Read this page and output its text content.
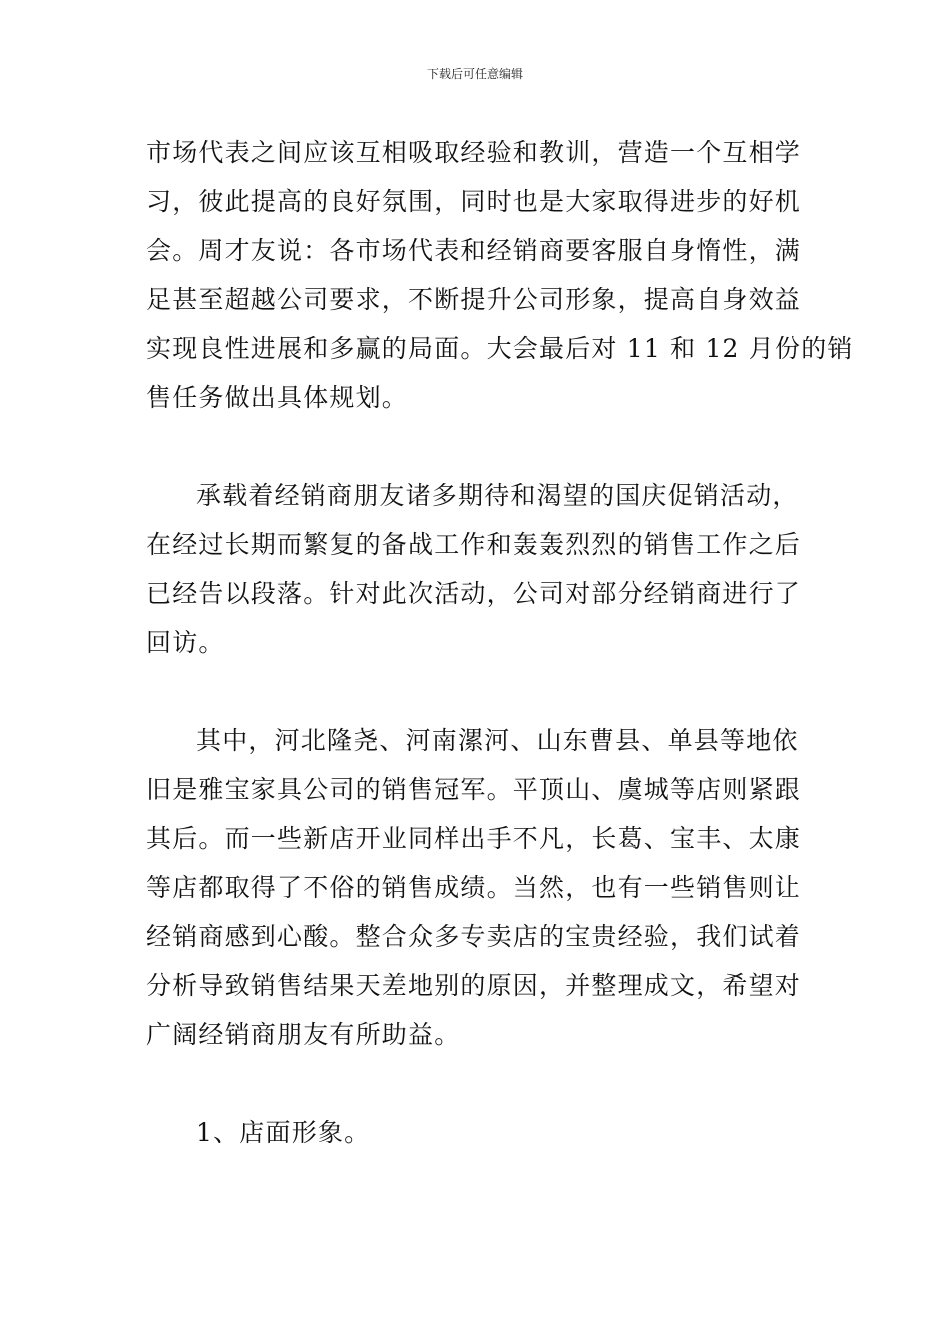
下载后可任意编辑
市场代表之间应该互相吸取经验和教训，营造一个互相学
习，彼此提高的良好氛围，同时也是大家取得进步的好机
会。周才友说：各市场代表和经销商要客服自身惰性，满
足甚至超越公司要求，不断提升公司形象，提高自身效益
实现良性进展和多赢的局面。大会最后对 11 和 12 月份的销
售任务做出具体规划。
承载着经销商朋友诸多期待和渴望的国庆促销活动，
在经过长期而繁复的备战工作和轰轰烈烈的销售工作之后
已经告以段落。针对此次活动，公司对部分经销商进行了
回访。
其中，河北隆尧、河南漯河、山东曹县、单县等地依
旧是雅宝家具公司的销售冠军。平顶山、虞城等店则紧跟
其后。而一些新店开业同样出手不凡，长葛、宝丰、太康
等店都取得了不俗的销售成绩。当然，也有一些销售则让
经销商感到心酸。整合众多专卖店的宝贵经验，我们试着
分析导致销售结果天差地别的原因，并整理成文，希望对
广阔经销商朋友有所助益。
1、店面形象。
